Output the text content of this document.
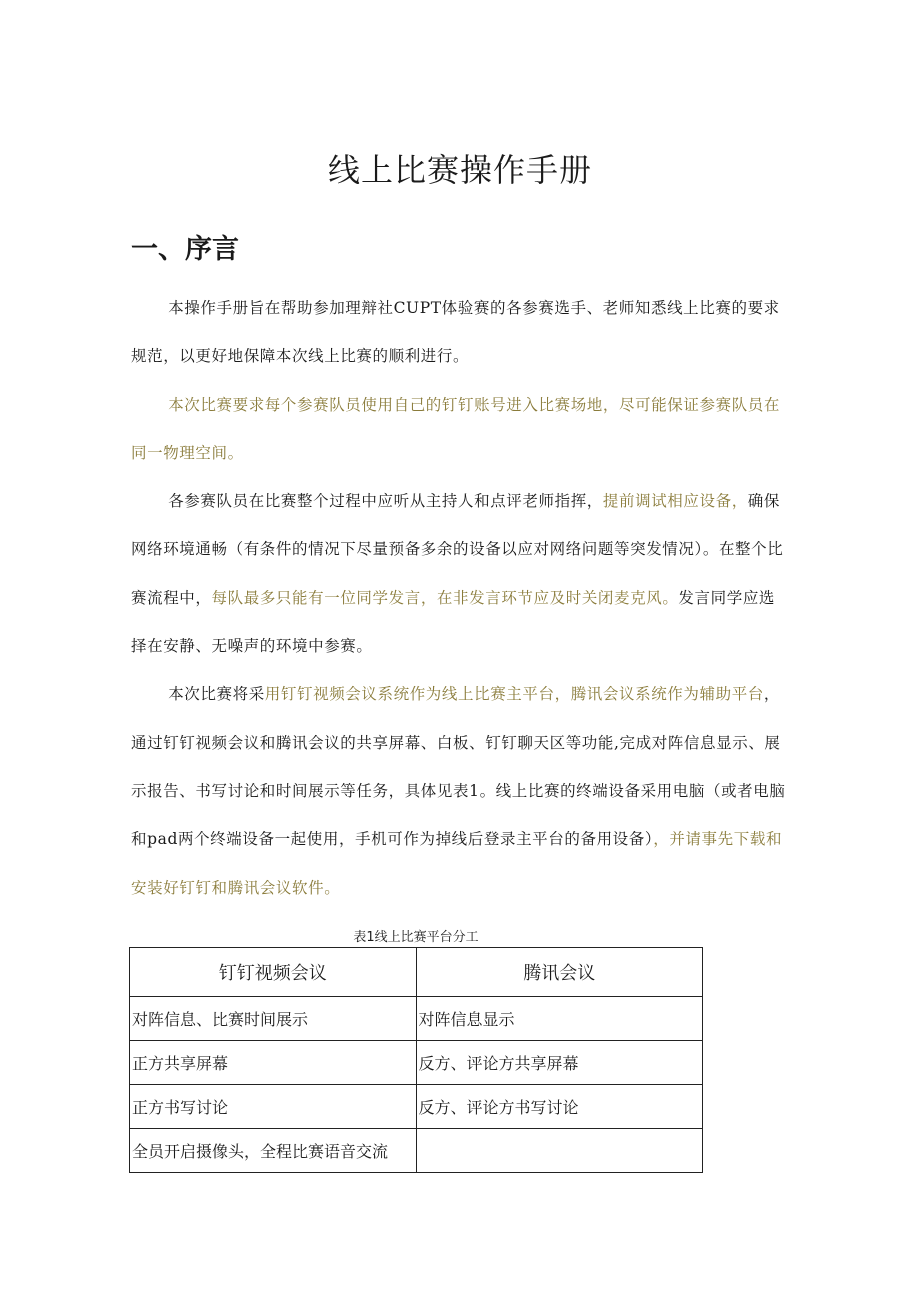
线上比赛操作手册
一、序言

本操作手册旨在帮助参加理辩社CUPT体验赛的各参赛选手、老师知悉线上比赛的要求规范，以更好地保障本次线上比赛的顺利进行。

本次比赛要求每个参赛队员使用自己的钉钉账号进入比赛场地，尽可能保证参赛队员在同一物理空间。

各参赛队员在比赛整个过程中应听从主持人和点评老师指挥，提前调试相应设备，确保网络环境通畅（有条件的情况下尽量预备多余的设备以应对网络问题等突发情况）。在整个比赛流程中，每队最多只能有一位同学发言，在非发言环节应及时关闭麦克风。发言同学应选择在安静、无噪声的环境中参赛。

本次比赛将采用钉钉视频会议系统作为线上比赛主平台，腾讯会议系统作为辅助平台，通过钉钉视频会议和腾讯会议的共享屏幕、白板、钉钉聊天区等功能,完成对阵信息显示、展示报告、书写讨论和时间展示等任务，具体见表1。线上比赛的终端设备采用电脑（或者电脑和pad两个终端设备一起使用，手机可作为掉线后登录主平台的备用设备），并请事先下载和安装好钉钉和腾讯会议软件。

表1线上比赛平台分工
钉钉视频会议	腾讯会议
对阵信息、比赛时间展示	对阵信息显示
正方共享屏幕	反方、评论方共享屏幕
正方书写讨论	反方、评论方书写讨论
全员开启摄像头，全程比赛语音交流	
